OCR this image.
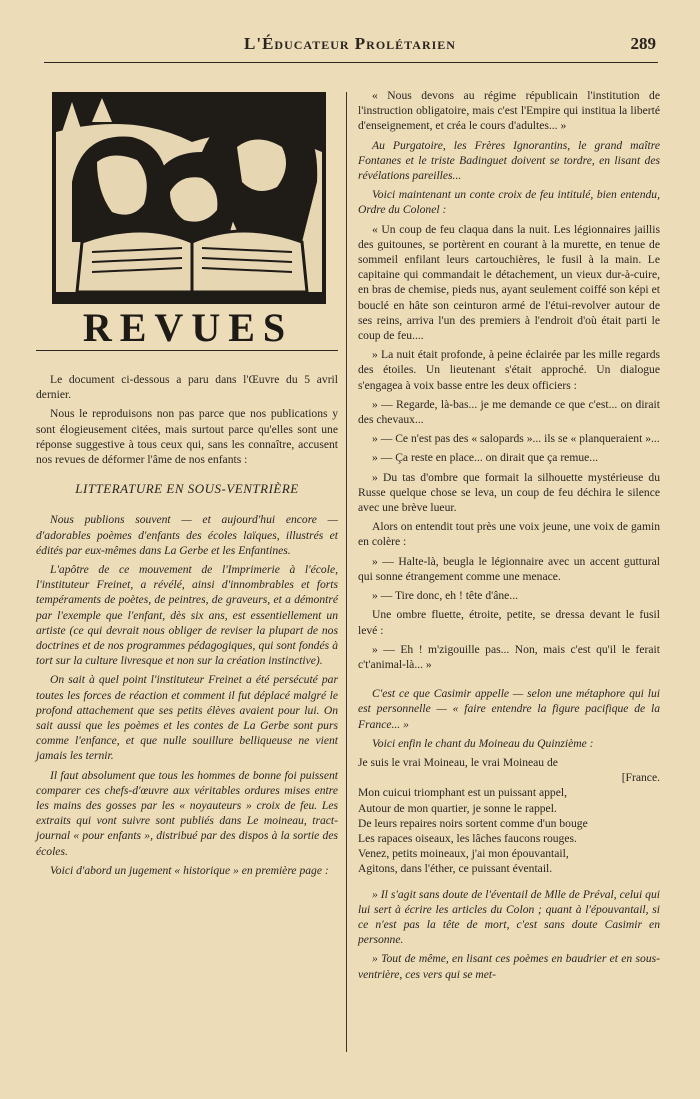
L'Éducateur Prolétarien	289
REVUES

Le document ci-dessous a paru dans l'Œuvre du 5 avril dernier.

Nous le reproduisons non pas parce que nos publications y sont élogieusement citées, mais surtout parce qu'elles sont une réponse suggestive à tous ceux qui, sans les connaître, accusent nos revues de déformer l'âme de nos enfants :

LITTERATURE EN SOUS-VENTRIÈRE

Nous publions souvent — et aujourd'hui encore — d'adorables poèmes d'enfants des écoles laïques, illustrés et édités par eux-mêmes dans La Gerbe et les Enfantines.

L'apôtre de ce mouvement de l'Imprimerie à l'école, l'instituteur Freinet, a révélé, ainsi d'innombrables et forts tempéraments de poètes, de peintres, de graveurs, et a démontré par l'exemple que l'enfant, dès six ans, est essentiellement un artiste (ce qui devrait nous obliger de reviser la plupart de nos doctrines et de nos programmes pédagogiques, qui sont fondés à tort sur la culture livresque et non sur la création instinctive).

On sait à quel point l'instituteur Freinet a été persécuté par toutes les forces de réaction et comment il fut déplacé malgré le profond attachement que ses petits élèves avaient pour lui. On sait aussi que les poèmes et les contes de La Gerbe sont purs comme l'enfance, et que nulle souillure belliqueuse ne vient jamais les ternir.

Il faut absolument que tous les hommes de bonne foi puissent comparer ces chefs-d'œuvre aux véritables ordures mises entre les mains des gosses par les « noyauteurs » croix de feu. Les extraits qui vont suivre sont publiés dans Le moineau, tract-journal « pour enfants », distribué par des dispos à la sortie des écoles.

Voici d'abord un jugement « historique » en première page :

« Nous devons au régime républicain l'institution de l'instruction obligatoire, mais c'est l'Empire qui institua la liberté d'enseignement, et créa le cours d'adultes... »

Au Purgatoire, les Frères Ignorantins, le grand maître Fontanes et le triste Badinguet doivent se tordre, en lisant des révélations pareilles...

Voici maintenant un conte croix de feu intitulé, bien entendu, Ordre du Colonel :

« Un coup de feu claqua dans la nuit. Les légionnaires jaillis des guitounes, se portèrent en courant à la murette, en tenue de sommeil enfilant leurs cartouchières, le fusil à la main. Le capitaine qui commandait le détachement, un vieux dur-à-cuire, en bras de chemise, pieds nus, ayant seulement coiffé son képi et bouclé en hâte son ceinturon armé de l'étui-revolver autour de ses reins, arriva l'un des premiers à l'endroit d'où était parti le coup de feu....

» La nuit était profonde, à peine éclairée par les mille regards des étoiles. Un lieutenant s'était approché. Un dialogue s'engagea à voix basse entre les deux officiers :

» — Regarde, là-bas... je me demande ce que c'est... on dirait des chevaux...

» — Ce n'est pas des « salopards »... ils se « planqueraient »...

» — Ça reste en place... on dirait que ça remue...

» Du tas d'ombre que formait la silhouette mystérieuse du Russe quelque chose se leva, un coup de feu déchira le silence avec une brève lueur.

Alors on entendit tout près une voix jeune, une voix de gamin en colère :

» — Halte-là, beugla le légionnaire avec un accent guttural qui sonne étrangement comme une menace.

» — Tire donc, eh ! tête d'âne...

Une ombre fluette, étroite, petite, se dressa devant le fusil levé :

» — Eh ! m'zigouille pas... Non, mais c'est qu'il le ferait c't'animal-là... »

C'est ce que Casimir appelle — selon une métaphore qui lui est personnelle — « faire entendre la figure pacifique de la France... »

Voici enfin le chant du Moineau du Quinzième :

Je suis le vrai Moineau, le vrai Moineau de

[France.

Mon cuicui triomphant est un puissant appel,

Autour de mon quartier, je sonne le rappel.

De leurs repaires noirs sortent comme d'un bouge

Les rapaces oiseaux, les lâches faucons rouges.

Venez, petits moineaux, j'ai mon épouvantail,

Agitons, dans l'éther, ce puissant éventail.

» Il s'agit sans doute de l'éventail de Mlle de Préval, celui qui lui sert à écrire les articles du Colon ; quant à l'épouvantail, si ce n'est pas la tête de mort, c'est sans doute Casimir en personne.

» Tout de même, en lisant ces poèmes en baudrier et en sous-ventrière, ces vers qui se met-
